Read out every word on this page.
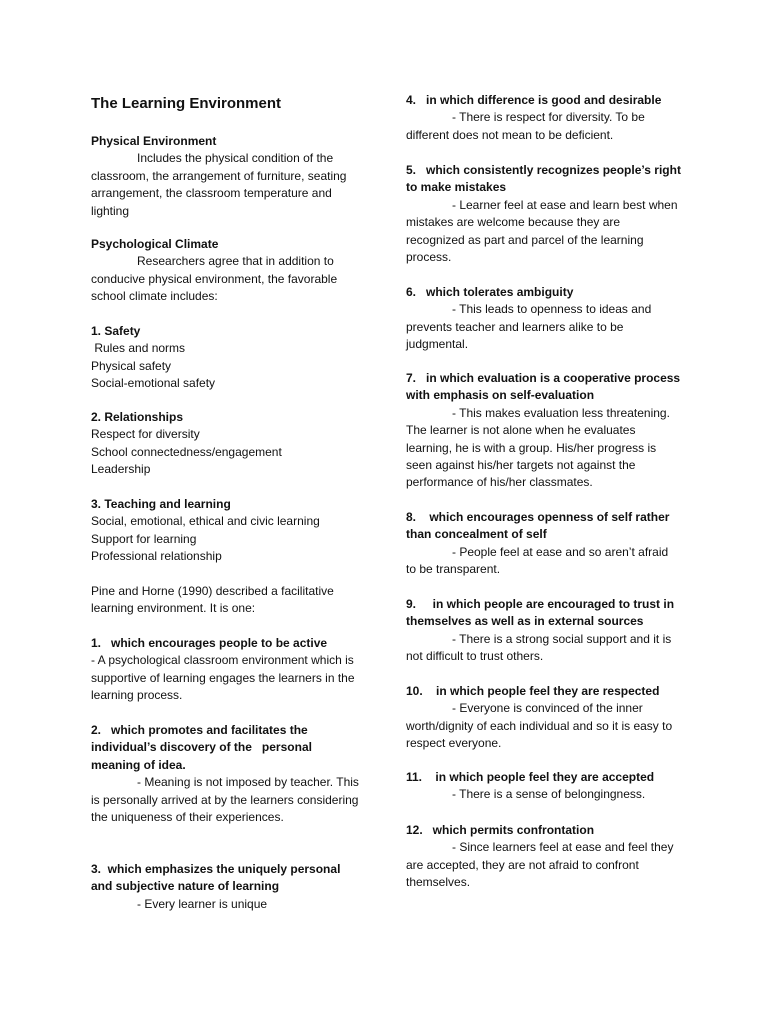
The Learning Environment

Physical Environment

Includes the physical condition of the classroom, the arrangement of furniture, seating arrangement, the classroom temperature and lighting

Psychological Climate

Researchers agree that in addition to conducive physical environment, the favorable school climate includes:

1. Safety

Rules and norms

Physical safety

Social-emotional safety

2. Relationships

Respect for diversity

School connectedness/engagement

Leadership

3. Teaching and learning

Social, emotional, ethical and civic learning

Support for learning

Professional relationship

Pine and Horne (1990) described a facilitative learning environment. It is one:

1.   which encourages people to be active

- A psychological classroom environment which is supportive of learning engages the learners in the learning process.

2.   which promotes and facilitates the individual’s discovery of the   personal meaning of idea.

- Meaning is not imposed by teacher. This is personally arrived at by the learners considering the uniqueness of their experiences.

3.  which emphasizes the uniquely personal and subjective nature of learning

- Every learner is unique

4.   in which difference is good and desirable

- There is respect for diversity. To be different does not mean to be deficient.

5.   which consistently recognizes people’s right to make mistakes

- Learner feel at ease and learn best when mistakes are welcome because they are recognized as part and parcel of the learning process.

6.   which tolerates ambiguity

- This leads to openness to ideas and prevents teacher and learners alike to be judgmental.

7.   in which evaluation is a cooperative process with emphasis on self-evaluation

- This makes evaluation less threatening. The learner is not alone when he evaluates learning, he is with a group. His/her progress is seen against his/her targets not against the performance of his/her classmates.

8.    which encourages openness of self rather than concealment of self

- People feel at ease and so aren’t afraid to be transparent.

9.     in which people are encouraged to trust in themselves as well as in external sources

- There is a strong social support and it is not difficult to trust others.

10.    in which people feel they are respected

- Everyone is convinced of the inner worth/dignity of each individual and so it is easy to respect everyone.

11.    in which people feel they are accepted

- There is a sense of belongingness.

12.   which permits confrontation

- Since learners feel at ease and feel they are accepted, they are not afraid to confront themselves.
